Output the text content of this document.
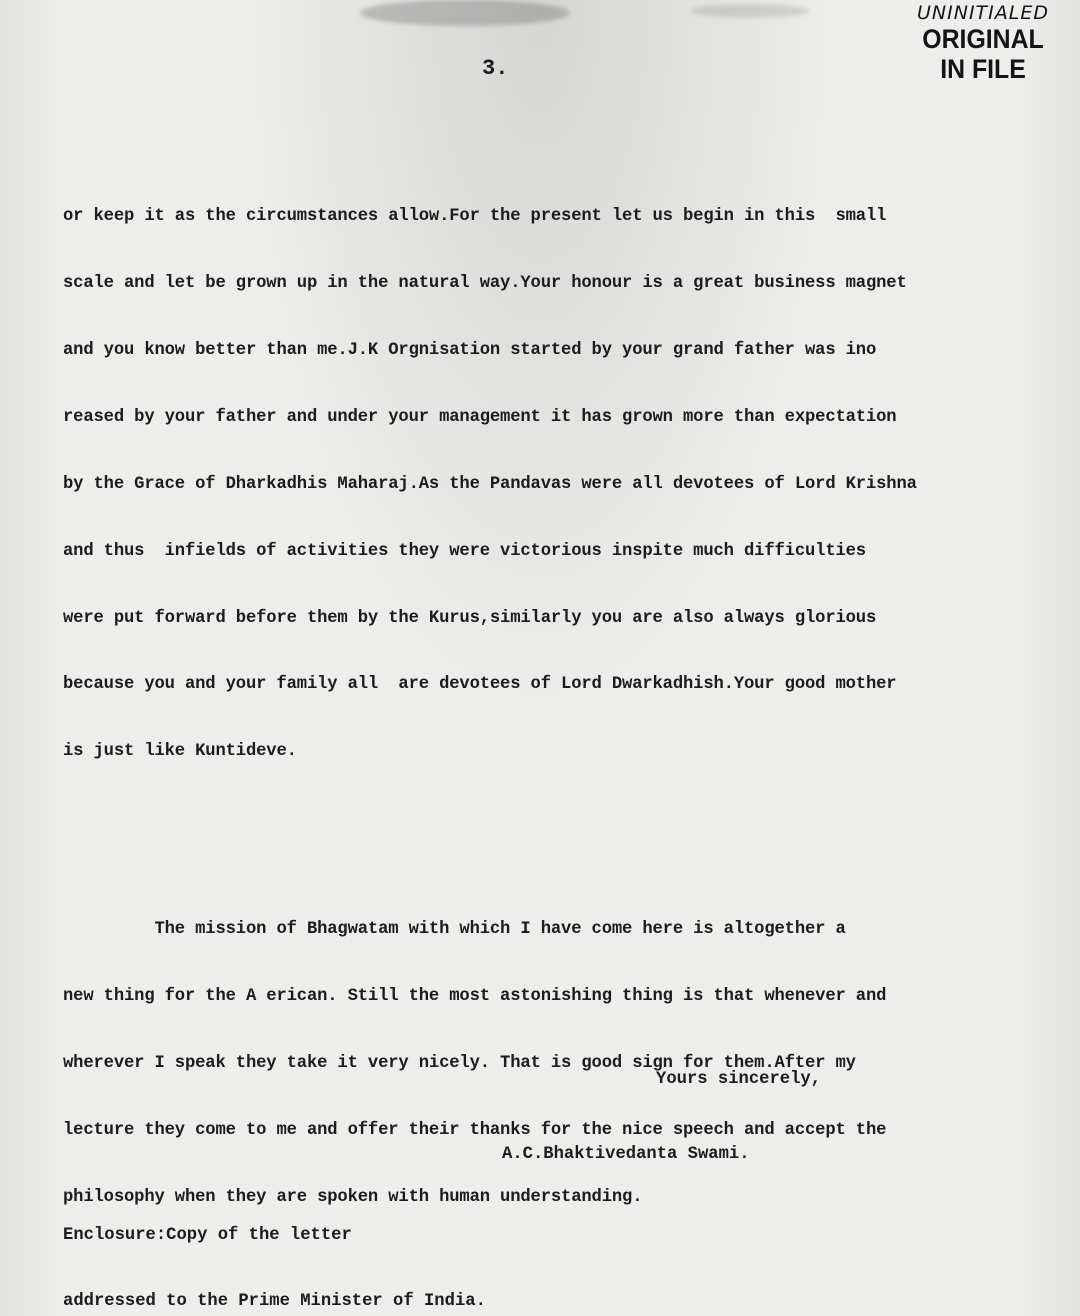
UNINITIALED
ORIGINAL
IN FILE
3.

or keep it as the circumstances allow.For the present let us begin in this  small

scale and let be grown up in the natural way.Your honour is a great business magnet

and you know better than me.J.K Orgnisation started by your grand father was ino

reased by your father and under your management it has grown more than expectation

by the Grace of Dharkadhis Maharaj.As the Pandavas were all devotees of Lord Krishna

and thus  infields of activities they were victorious inspite much difficulties

were put forward before them by the Kurus,similarly you are also always glorious

because you and your family all  are devotees of Lord Dwarkadhish.Your good mother

is just like Kuntideve.

The mission of Bhagwatam with which I have come here is altogether a

new thing for the A erican. Still the most astonishing thing is that whenever and

wherever I speak they take it very nicely. That is good sign for them.After my

lecture they come to me and offer their thanks for the nice speech and accept the

philosophy when they are spoken with human understanding.

Yours sincerely,
A.C.Bhaktivedanta Swami.

Enclosure:Copy of the letter

addressed to the Prime Minister of India.
